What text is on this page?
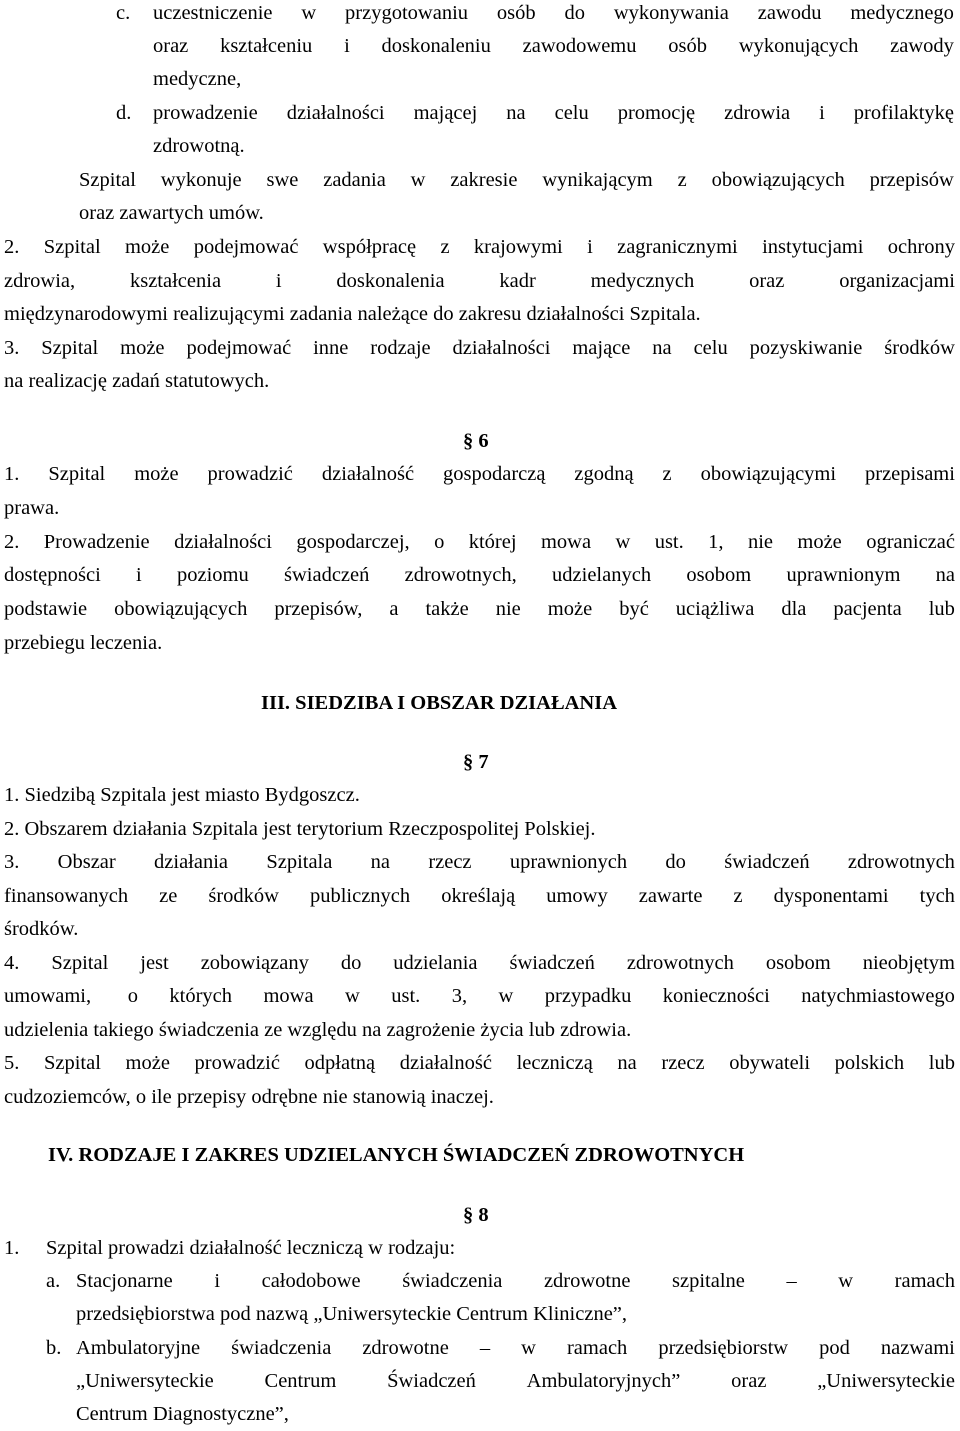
c. uczestniczenie w przygotowaniu osób do wykonywania zawodu medycznego
oraz kształceniu i doskonaleniu zawodowemu osób wykonujących zawody
medyczne,
d. prowadzenie działalności mającej na celu promocję zdrowia i profilaktykę
zdrowotną.
Szpital wykonuje swe zadania w zakresie wynikającym z obowiązujących przepisów
oraz zawartych umów.
2. Szpital może podejmować współpracę z krajowymi i zagranicznymi instytucjami ochrony
zdrowia,	kształcenia	i	doskonalenia	kadr	medycznych	oraz	organizacjami
międzynarodowymi realizującymi zadania należące do zakresu działalności Szpitala.
3. Szpital może podejmować inne rodzaje działalności mające na celu pozyskiwanie środków
na realizację zadań statutowych.
§ 6
1. Szpital może prowadzić działalność gospodarczą zgodną z obowiązującymi przepisami
prawa.
2. Prowadzenie działalności gospodarczej, o której mowa w ust. 1, nie może ograniczać
dostępności i poziomu świadczeń zdrowotnych, udzielanych osobom uprawnionym na
podstawie obowiązujących przepisów, a także nie może być uciążliwa dla pacjenta lub
przebiegu leczenia.
III. SIEDZIBA I OBSZAR DZIAŁANIA
§ 7
1. Siedzibą Szpitala jest miasto Bydgoszcz.
2. Obszarem działania Szpitala jest terytorium Rzeczpospolitej Polskiej.
3. Obszar działania Szpitala na rzecz uprawnionych do świadczeń zdrowotnych
finansowanych ze środków publicznych określają umowy zawarte z dysponentami tych
środków.
4. Szpital jest zobowiązany do udzielania świadczeń zdrowotnych osobom nieobjętym
umowami, o których mowa w ust. 3, w przypadku konieczności natychmiastowego
udzielenia takiego świadczenia ze względu na zagrożenie życia lub zdrowia.
5. Szpital może prowadzić odpłatną działalność leczniczą na rzecz obywateli polskich lub
cudzoziemców, o ile przepisy odrębne nie stanowią inaczej.
IV. RODZAJE I ZAKRES UDZIELANYCH ŚWIADCZEŃ ZDROWOTNYCH
§ 8
1. Szpital prowadzi działalność leczniczą w rodzaju:
a. Stacjonarne i całodobowe świadczenia zdrowotne szpitalne – w ramach
przedsiębiorstwa pod nazwą „Uniwersyteckie Centrum Kliniczne”,
b. Ambulatoryjne świadczenia zdrowotne – w ramach przedsiębiorstw pod nazwami
„Uniwersyteckie Centrum Świadczeń Ambulatoryjnych” oraz „Uniwersyteckie
Centrum Diagnostyczne”,
